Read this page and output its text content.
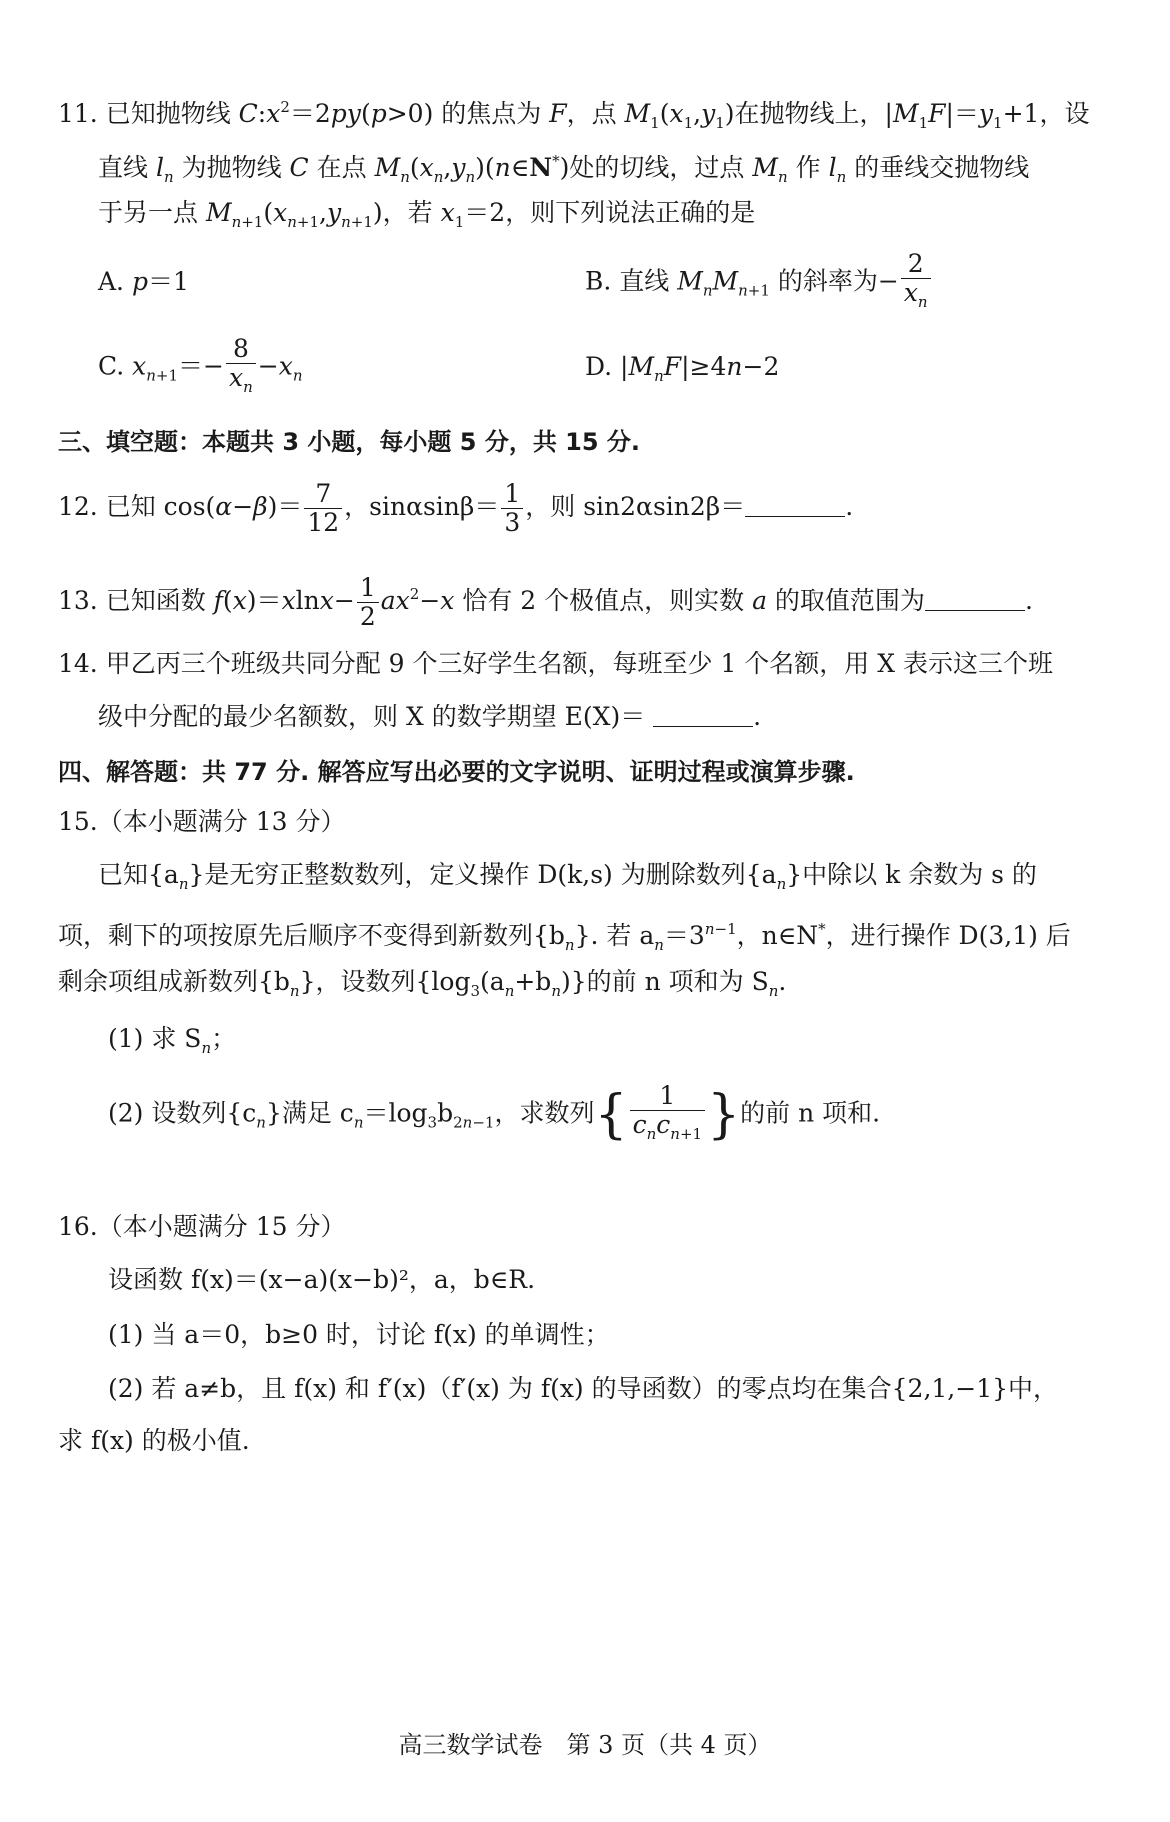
11. 已知抛物线 $C:x^2=2py(p>0)$ 的焦点为 F，点 $M_1(x_1,y_1)$在抛物线上，$|M_1F|=y_1+1$，设
直线 $l_n$ 为抛物线 C 在点 $M_n(x_n,y_n)(n\in N^*)$处的切线，过点 $M_n$ 作 $l_n$ 的垂线交抛物线
于另一点 $M_{n+1}(x_{n+1},y_{n+1})$，若 $x_1=2$，则下列说法正确的是
A. p＝1	B. 直线 $M_nM_{n+1}$ 的斜率为− $\frac{2}{x_n}$
C. $x_{n+1}=- \frac{8}{x_n} -x_n$	D. $|M_nF|\ge 4n-2$
三、填空题：本题共 3 小题，每小题 5 分，共 15 分.
12. 已知 $\cos(\alpha-\beta)= \frac{7}{12}$ ，$\sin\alpha\sin\beta= \frac{1}{3}$ ，则 sin2αsin2β＝	.
13. 已知函数 $f(x)=xlnx- \frac{1}{2} ax^2-x$ 恰有 2 个极值点，则实数 a 的取值范围为	.
14. 甲乙丙三个班级共同分配 9 个三好学生名额，每班至少 1 个名额，用 X 表示这三个班
级中分配的最少名额数，则 X 的数学期望 E(X)＝	.
四、解答题：共 77 分. 解答应写出必要的文字说明、证明过程或演算步骤.
15.（本小题满分 13 分）
已知$\{a_n\}$是无穷正整数数列，定义操作 D(k,s) 为删除数列$\{a_n\}$中除以 k 余数为 s 的
项，剩下的项按原先后顺序不变得到新数列$\{b_n\}$. 若 $a_n=3^{n-1}$，n∈N*，进行操作 D(3,1) 后
剩余项组成新数列$\{b_n\}$，设数列$\{\log_3(a_n+b_n)\}$的前 n 项和为 $S_n$.
(1) 求 $S_n$；
(2) 设数列$\{c_n\}$满足 $c_n=\log_3b_{2n-1}$，求数列{ $\frac{1}{c_nc_{n+1}}$ }的前 n 项和.
16.（本小题满分 15 分）
设函数 f(x)＝(x−a)(x−b)²，a，b∈R.
(1) 当 a＝0，b≥0 时，讨论 f(x) 的单调性；
(2) 若 a≠b，且 f(x) 和 f′(x)（f′(x) 为 f(x) 的导函数）的零点均在集合{2,1,−1}中，
求 f(x) 的极小值.
高三数学试卷　第 3 页（共 4 页）
